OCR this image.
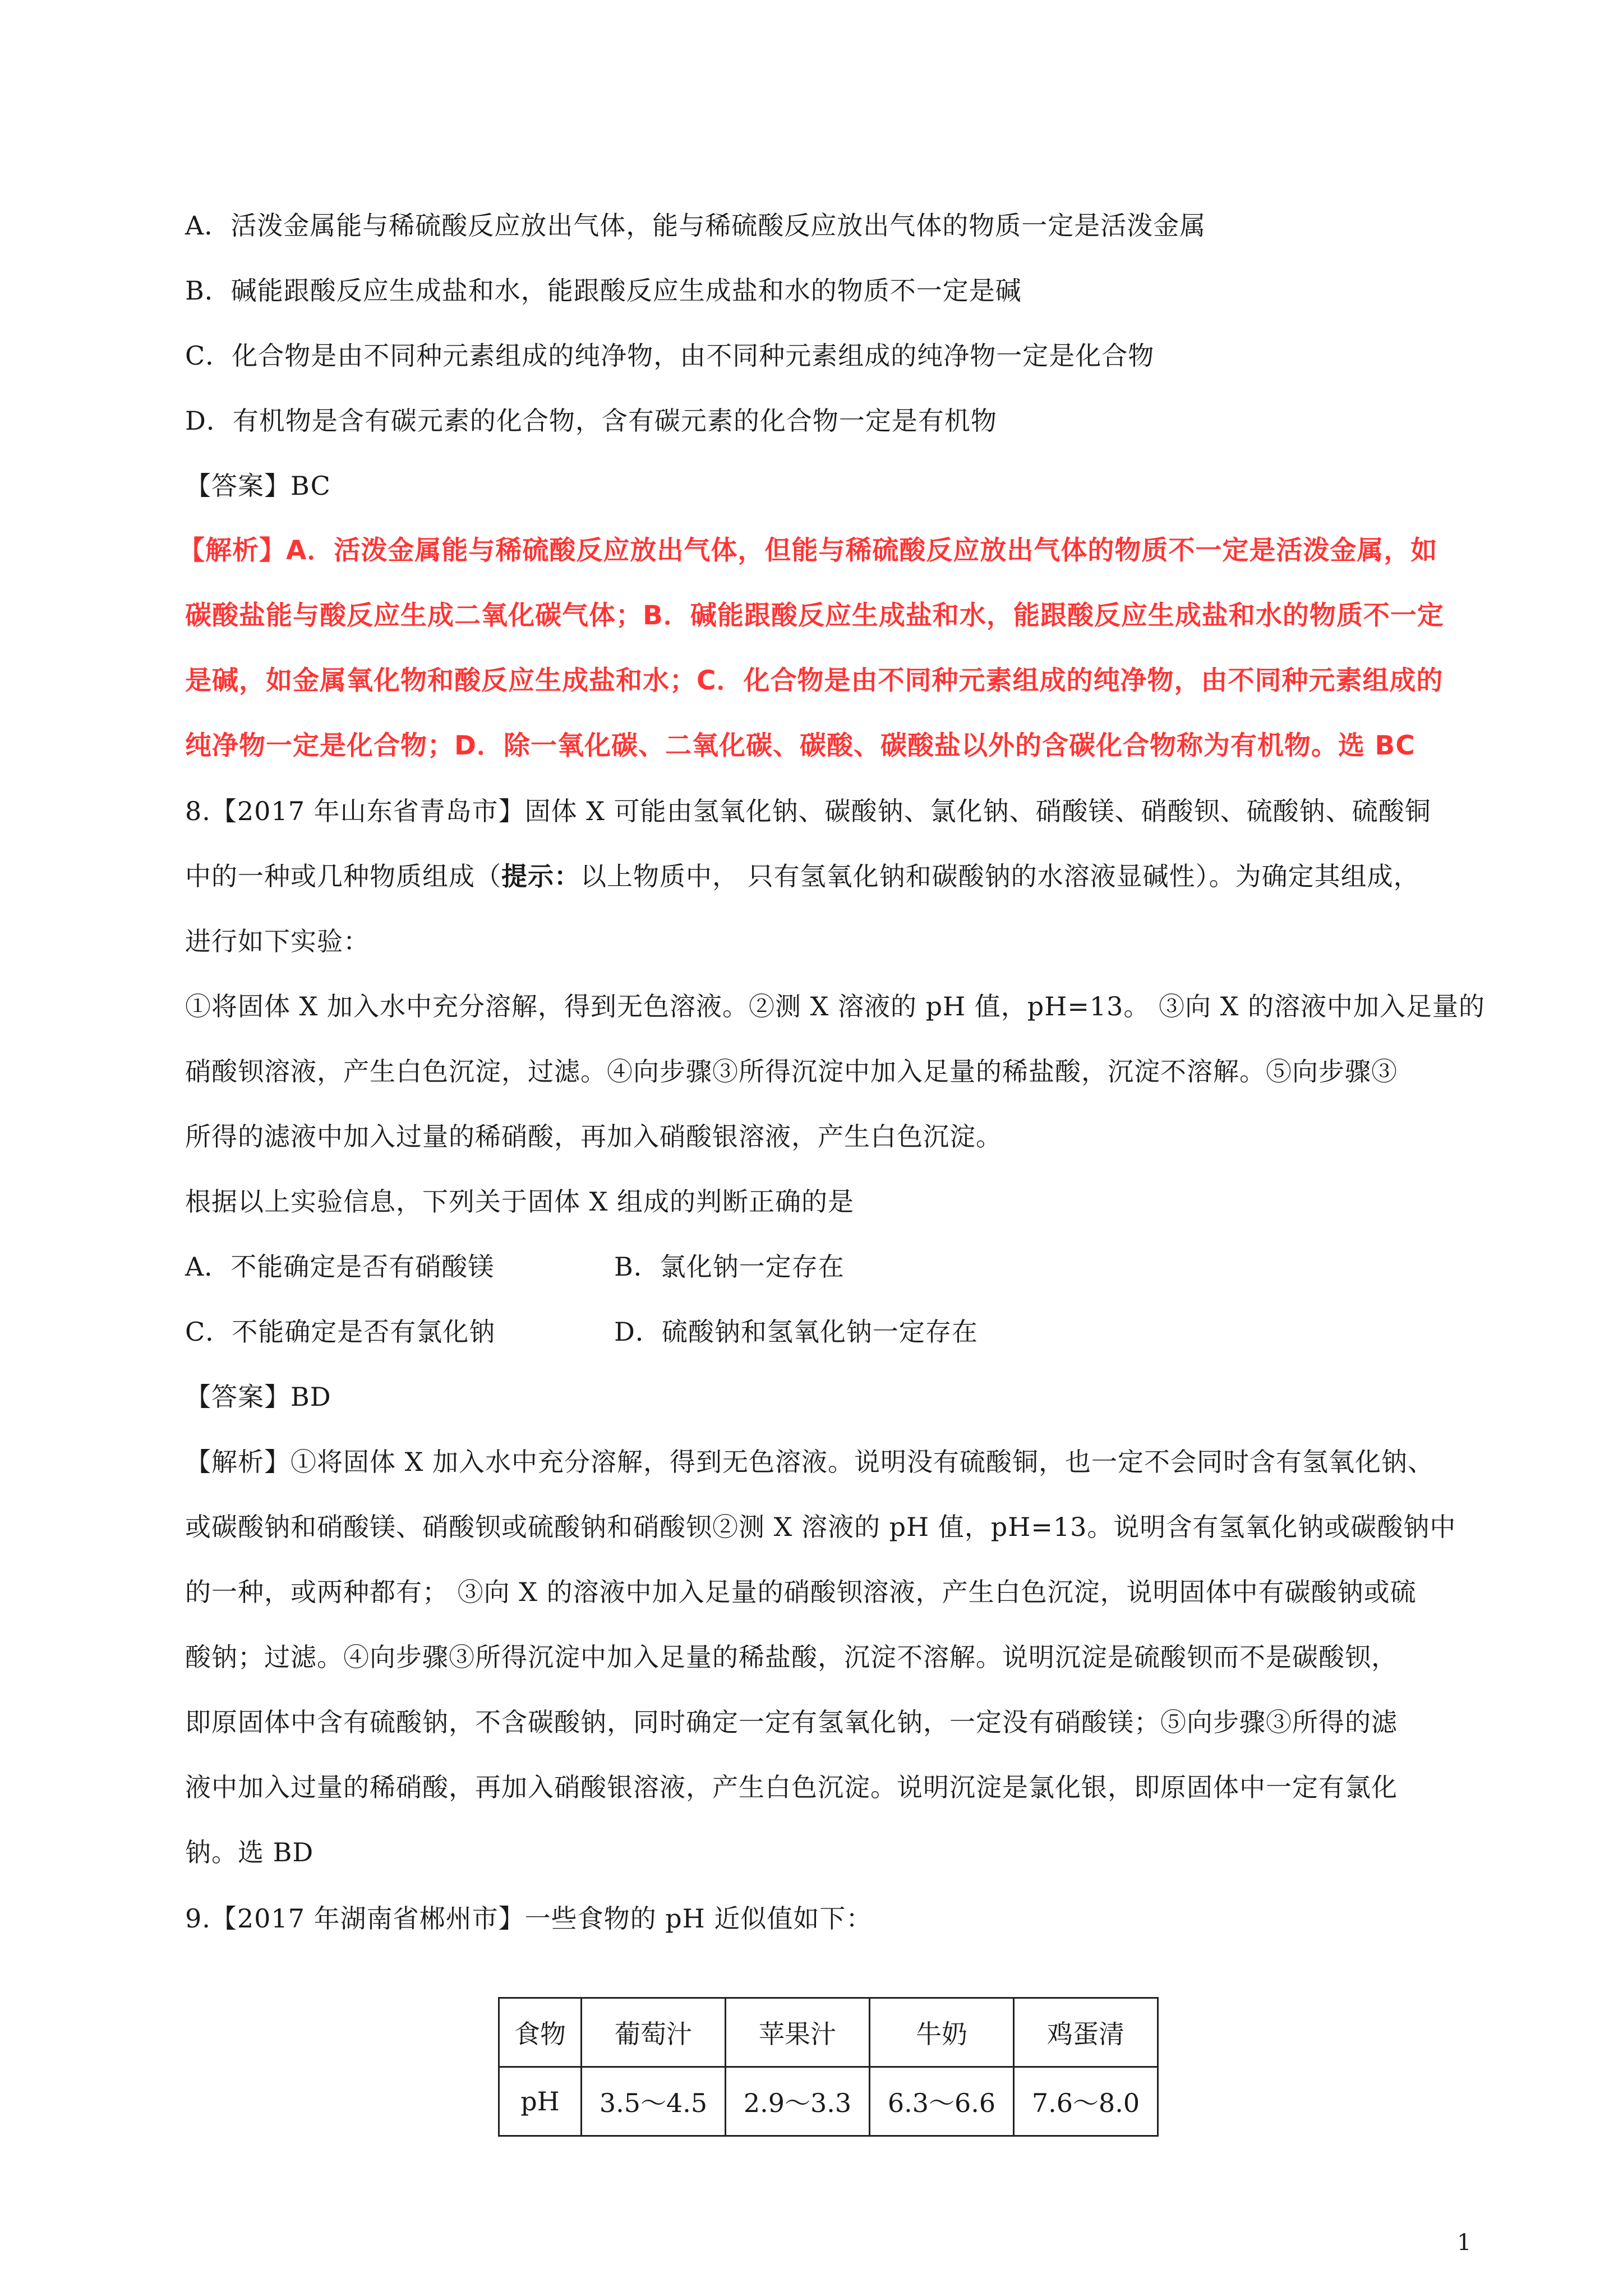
A．活泼金属能与稀硫酸反应放出气体，能与稀硫酸反应放出气体的物质一定是活泼金属
B．碱能跟酸反应生成盐和水，能跟酸反应生成盐和水的物质不一定是碱
C．化合物是由不同种元素组成的纯净物，由不同种元素组成的纯净物一定是化合物
D．有机物是含有碳元素的化合物，含有碳元素的化合物一定是有机物
【答案】BC
【解析】A．活泼金属能与稀硫酸反应放出气体，但能与稀硫酸反应放出气体的物质不一定是活泼金属，如
碳酸盐能与酸反应生成二氧化碳气体；B．碱能跟酸反应生成盐和水，能跟酸反应生成盐和水的物质不一定
是碱，如金属氧化物和酸反应生成盐和水；C．化合物是由不同种元素组成的纯净物，由不同种元素组成的
纯净物一定是化合物；D．除一氧化碳、二氧化碳、碳酸、碳酸盐以外的含碳化合物称为有机物。选 BC
8.【2017 年山东省青岛市】固体 X 可能由氢氧化钠、碳酸钠、氯化钠、硝酸镁、硝酸钡、硫酸钠、硫酸铜
中的一种或几种物质组成（提示：以上物质中， 只有氢氧化钠和碳酸钠的水溶液显碱性）。为确定其组成，
进行如下实验：
①将固体 X 加入水中充分溶解，得到无色溶液。②测 X 溶液的 pH 值，pH=13。 ③向 X 的溶液中加入足量的
硝酸钡溶液，产生白色沉淀，过滤。④向步骤③所得沉淀中加入足量的稀盐酸，沉淀不溶解。⑤向步骤③
所得的滤液中加入过量的稀硝酸，再加入硝酸银溶液，产生白色沉淀。
根据以上实验信息，下列关于固体 X 组成的判断正确的是
A．不能确定是否有硝酸镁	B．氯化钠一定存在
C．不能确定是否有氯化钠	D．硫酸钠和氢氧化钠一定存在
【答案】BD
【解析】①将固体 X 加入水中充分溶解，得到无色溶液。说明没有硫酸铜，也一定不会同时含有氢氧化钠、
或碳酸钠和硝酸镁、硝酸钡或硫酸钠和硝酸钡②测 X 溶液的 pH 值，pH=13。说明含有氢氧化钠或碳酸钠中
的一种，或两种都有； ③向 X 的溶液中加入足量的硝酸钡溶液，产生白色沉淀，说明固体中有碳酸钠或硫
酸钠；过滤。④向步骤③所得沉淀中加入足量的稀盐酸，沉淀不溶解。说明沉淀是硫酸钡而不是碳酸钡，
即原固体中含有硫酸钠，不含碳酸钠，同时确定一定有氢氧化钠，一定没有硝酸镁；⑤向步骤③所得的滤
液中加入过量的稀硝酸，再加入硝酸银溶液，产生白色沉淀。说明沉淀是氯化银，即原固体中一定有氯化
钠。选 BD
9.【2017 年湖南省郴州市】一些食物的 pH 近似值如下：
食物	葡萄汁	苹果汁	牛奶	鸡蛋清
pH	3.5～4.5	2.9～3.3	6.3～6.6	7.6～8.0
1
